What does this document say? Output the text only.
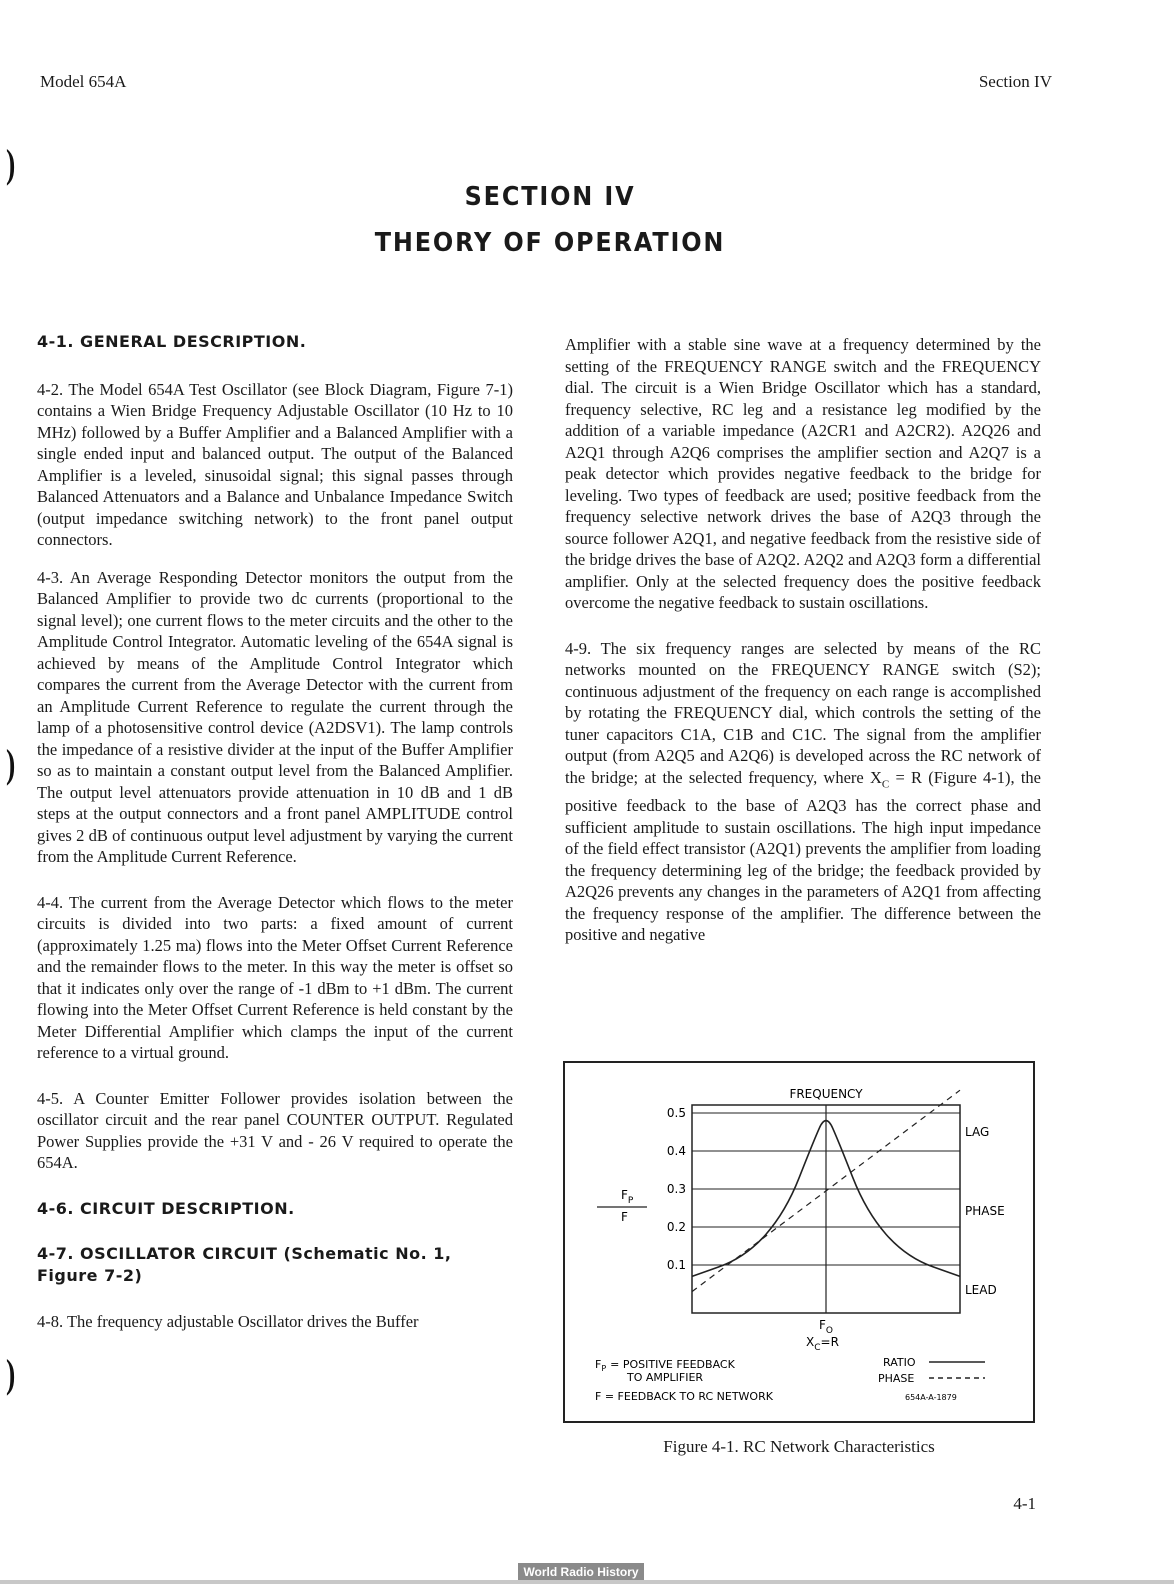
Model 654A	Section IV
)
)
)
SECTION IV
THEORY OF OPERATION
4-1. GENERAL DESCRIPTION.

4-2. The Model 654A Test Oscillator (see Block Diagram, Figure 7-1) contains a Wien Bridge Frequency Adjustable Oscillator (10 Hz to 10 MHz) followed by a Buffer Amplifier and a Balanced Amplifier with a single ended input and balanced output. The output of the Balanced Amplifier is a leveled, sinusoidal signal; this signal passes through Balanced Attenuators and a Balance and Unbalance Impedance Switch (output impedance switching network) to the front panel output connectors.

4-3. An Average Responding Detector monitors the output from the Balanced Amplifier to provide two dc currents (proportional to the signal level); one current flows to the meter circuits and the other to the Amplitude Control Integrator. Automatic leveling of the 654A signal is achieved by means of the Amplitude Control Integrator which compares the current from the Average Detector with the current from an Amplitude Current Reference to regulate the current through the lamp of a photosensitive control device (A2DSV1). The lamp controls the impedance of a resistive divider at the input of the Buffer Amplifier so as to maintain a constant output level from the Balanced Amplifier. The output level attenuators provide attenuation in 10 dB and 1 dB steps at the output connectors and a front panel AMPLITUDE control gives 2 dB of continuous output level adjustment by varying the current from the Amplitude Current Reference.

4-4. The current from the Average Detector which flows to the meter circuits is divided into two parts: a fixed amount of current (approximately 1.25 ma) flows into the Meter Offset Current Reference and the remainder flows to the meter. In this way the meter is offset so that it indicates only over the range of -1 dBm to +1 dBm. The current flowing into the Meter Offset Current Reference is held constant by the Meter Differential Amplifier which clamps the input of the current reference to a virtual ground.

4-5. A Counter Emitter Follower provides isolation between the oscillator circuit and the rear panel COUNTER OUTPUT. Regulated Power Supplies provide the +31 V and - 26 V required to operate the 654A.

4-6. CIRCUIT DESCRIPTION.
4-7. OSCILLATOR CIRCUIT (Schematic No. 1, Figure 7-2)

4-8. The frequency adjustable Oscillator drives the Buffer

Amplifier with a stable sine wave at a frequency determined by the setting of the FREQUENCY RANGE switch and the FREQUENCY dial. The circuit is a Wien Bridge Oscillator which has a standard, frequency selective, RC leg and a resistance leg modified by the addition of a variable impedance (A2CR1 and A2CR2). A2Q26 and A2Q1 through A2Q6 comprises the amplifier section and A2Q7 is a peak detector which provides negative feedback to the bridge for leveling. Two types of feedback are used; positive feedback from the frequency selective network drives the base of A2Q3 through the source follower A2Q1, and negative feedback from the resistive side of the bridge drives the base of A2Q2. A2Q2 and A2Q3 form a differential amplifier. Only at the selected frequency does the positive feedback overcome the negative feedback to sustain oscillations.

4-9. The six frequency ranges are selected by means of the RC networks mounted on the FREQUENCY RANGE switch (S2); continuous adjustment of the frequency on each range is accomplished by rotating the FREQUENCY dial, which controls the setting of the tuner capacitors C1A, C1B and C1C. The signal from the amplifier output (from A2Q5 and A2Q6) is developed across the RC network of the bridge; at the selected frequency, where $X_C = R$ (Figure 4-1), the positive feedback to the base of A2Q3 has the correct phase and sufficient amplitude to sustain oscillations. The high input impedance of the field effect transistor (A2Q1) prevents the amplifier from loading the frequency determining leg of the bridge; the feedback provided by A2Q26 prevents any changes in the parameters of A2Q1 from affecting the frequency response of the amplifier. The difference between the positive and negative

FREQUENCY
0.1
0.2
0.3
0.4
0.5
$F_P$
F
LAG
PHASE
LEAD
$F_O$
$X_C=R$
$F_P$ = POSITIVE FEEDBACK
TO AMPLIFIER
F = FEEDBACK TO RC NETWORK
RATIO
PHASE
654A-A-1879
Figure 4-1. RC Network Characteristics
4-1
World Radio History
